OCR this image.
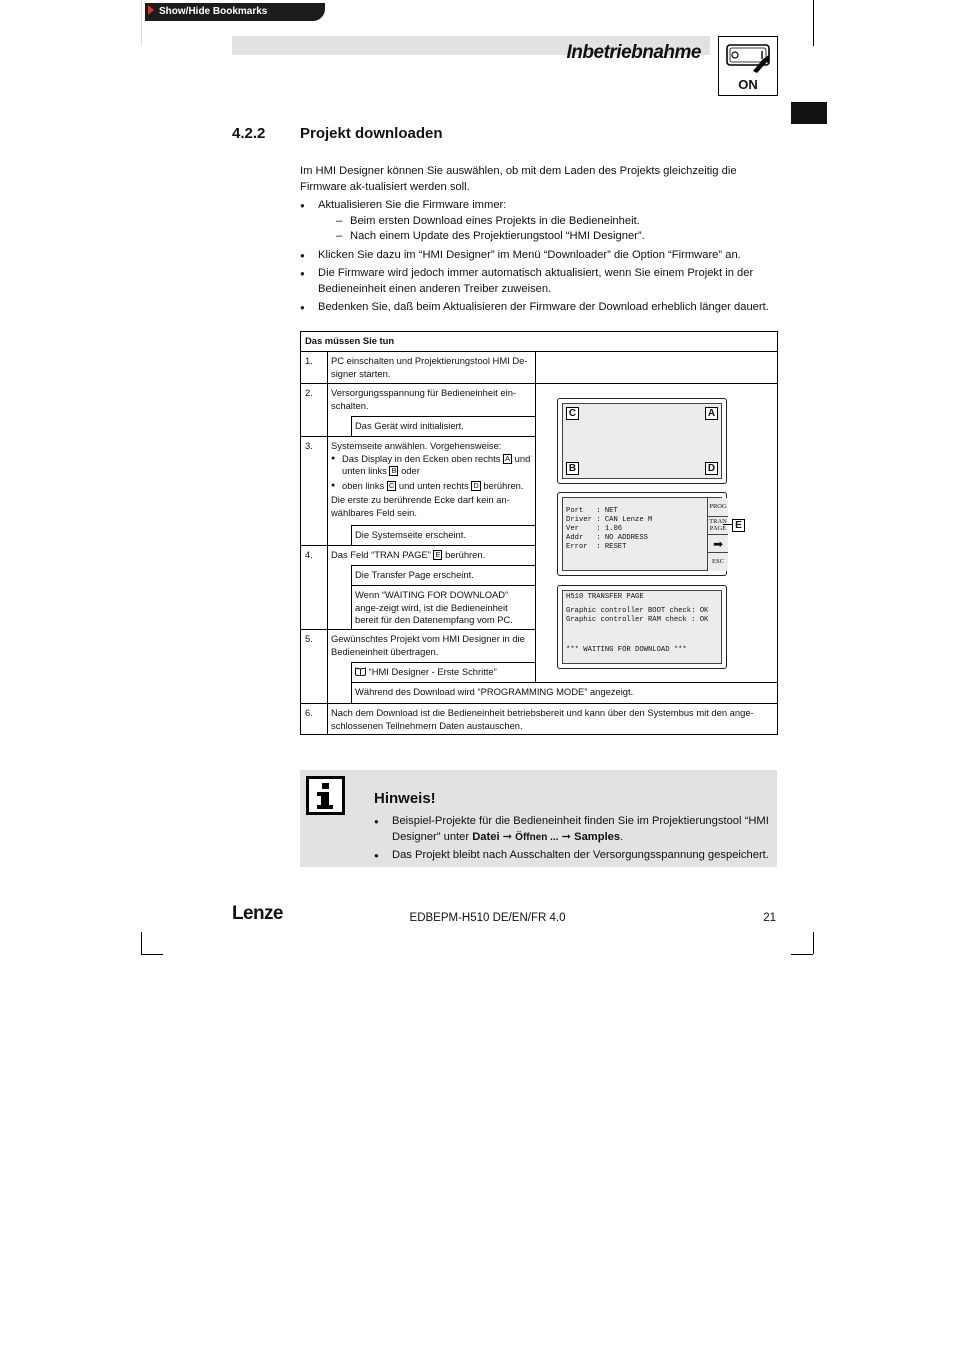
Show/Hide Bookmarks
Inbetriebnahme
ON
4.2.2 Projekt downloaden

Im HMI Designer können Sie auswählen, ob mit dem Laden des Projekts gleichzeitig die Firmware ak-tualisiert werden soll.

● Aktualisieren Sie die Firmware immer:
– Beim ersten Download eines Projekts in die Bedieneinheit.
– Nach einem Update des Projektierungstool “HMI Designer”.
● Klicken Sie dazu im “HMI Designer” im Menü “Downloader” die Option “Firmware” an.
● Die Firmware wird jedoch immer automatisch aktualisiert, wenn Sie einem Projekt in der Bedieneinheit einen anderen Treiber zuweisen.
● Bedenken Sie, daß beim Aktualisieren der Firmware der Download erheblich länger dauert.
Das müssen Sie tun
1. PC einschalten und Projektierungstool HMI De-signer starten.
2. Versorgungsspannung für Bedieneinheit ein-schalten.
Das Gerät wird initialisiert.
3. Systemseite anwählen. Vorgehensweise:
● Das Display in den Ecken oben rechts A und unten links B oder
● oben links C und unten rechts D berühren.
Die erste zu berührende Ecke darf kein an-wählbares Feld sein.
Die Systemseite erscheint.
4. Das Feld “TRAN PAGE” E berühren.
Die Transfer Page erscheint.
Wenn “WAITING FOR DOWNLOAD“ ange-zeigt wird, ist die Bedieneinheit bereit für den Datenempfang vom PC.
5. Gewünschtes Projekt vom HMI Designer in die Bedieneinheit übertragen.
“HMI Designer - Erste Schritte”
Während des Download wird “PROGRAMMING MODE” angezeigt.
6. Nach dem Download ist die Bedieneinheit betriebsbereit und kann über den Systembus mit den ange-schlossenen Teilnehmern Daten austauschen.
C	A
B	D
Port   : NET
Driver : CAN Lenze M
Ver    : 1.06
Addr   : NO ADDRESS
Error  : RESET
PROG
TRAN
PAGE
➡
ESC
E
H510 TRANSFER PAGE
Graphic controller BOOT check: OK
Graphic controller RAM check : OK
*** WAITING FOR DOWNLOAD ***
Hinweis!
● Beispiel-Projekte für die Bedieneinheit finden Sie im Projektierungstool “HMI Designer” unter Datei ➞ Öffnen ... ➞ Samples.
● Das Projekt bleibt nach Ausschalten der Versorgungsspannung gespeichert.
Lenze	EDBEPM-H510 DE/EN/FR 4.0	21
